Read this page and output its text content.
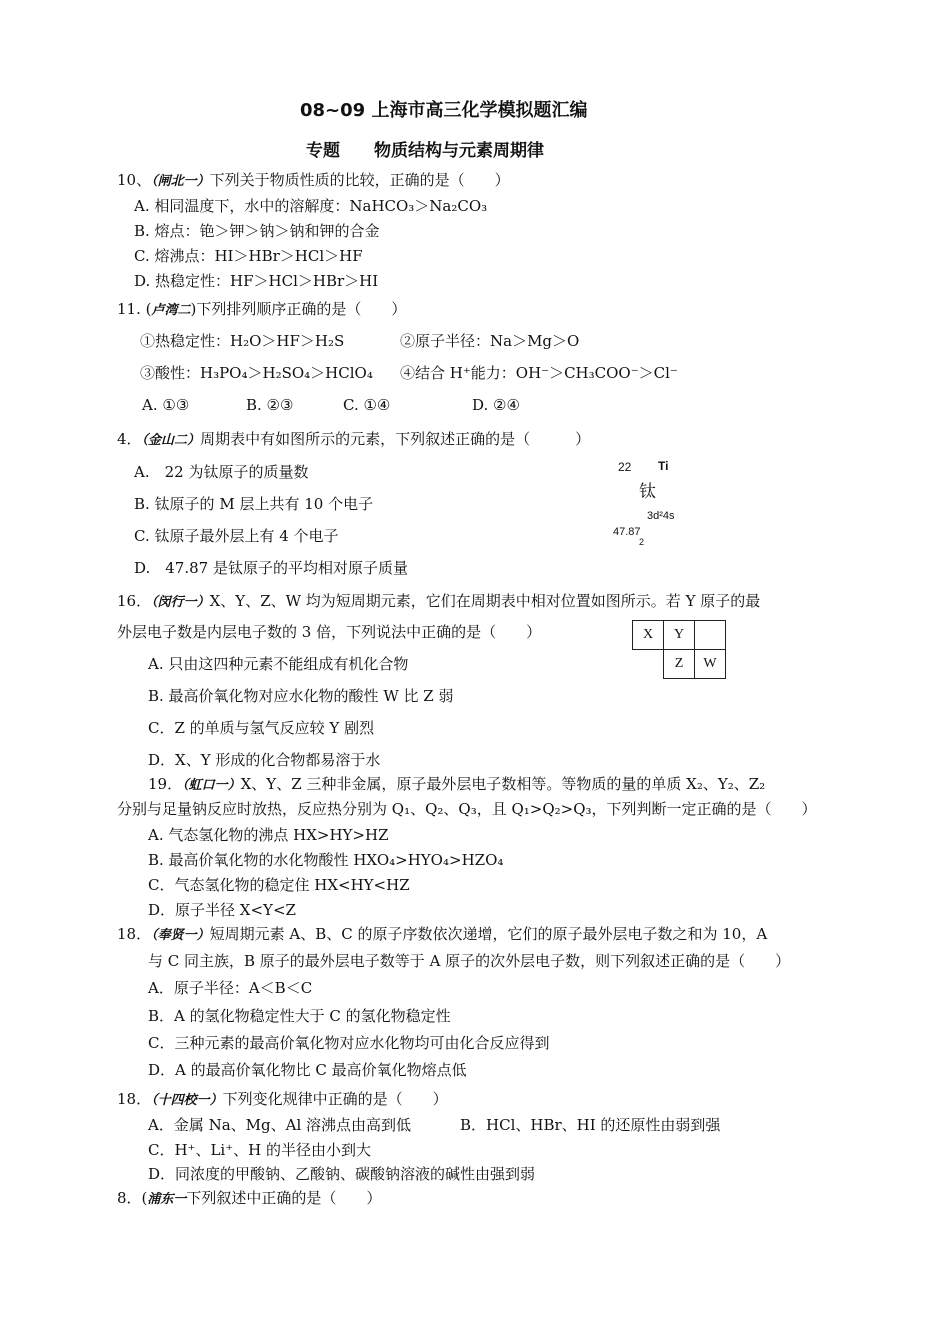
08~09 上海市高三化学模拟题汇编
专题　　物质结构与元素周期律
10、（闸北一）下列关于物质性质的比较，正确的是（　　）
A. 相同温度下，水中的溶解度：NaHCO₃＞Na₂CO₃
B. 熔点：铯＞钾＞钠＞钠和钾的合金
C. 熔沸点：HI＞HBr＞HCl＞HF
D. 热稳定性：HF＞HCl＞HBr＞HI
11. (卢湾二)下列排列顺序正确的是（　　）
①热稳定性：H₂O＞HF＞H₂S	②原子半径：Na＞Mg＞O
③酸性：H₃PO₄＞H₂SO₄＞HClO₄ ④结合 H⁺能力：OH⁻＞CH₃COO⁻＞Cl⁻
A. ①③	B. ②③	C. ①④	D. ②④
4．（金山二）周期表中有如图所示的元素，下列叙述正确的是（　　　）
A.　22 为钛原子的质量数
B. 钛原子的 M 层上共有 10 个电子
C. 钛原子最外层上有 4 个电子
D.　47.87 是钛原子的平均相对原子质量
22 Ti
钛
3d²4s
47.87
2
16．（闵行一）X、Y、Z、W 均为短周期元素，它们在周期表中相对位置如图所示。若 Y 原子的最
外层电子数是内层电子数的 3 倍，下列说法中正确的是（　　）	X	Y	
	Z	W
A. 只由这四种元素不能组成有机化合物
B. 最高价氧化物对应水化物的酸性 W 比 Z 弱
C．Z 的单质与氢气反应较 Y 剧烈
D．X、Y 形成的化合物都易溶于水
19．（虹口一）X、Y、Z 三种非金属，原子最外层电子数相等。等物质的量的单质 X₂、Y₂、Z₂
分别与足量钠反应时放热，反应热分别为 Q₁、Q₂、Q₃，且 Q₁>Q₂>Q₃，下列判断一定正确的是（　　）
A. 气态氢化物的沸点 HX>HY>HZ
B. 最高价氧化物的水化物酸性 HXO₄>HYO₄>HZO₄
C．气态氢化物的稳定住 HX<HY<HZ
D．原子半径 X<Y<Z
18．（奉贤一）短周期元素 A、B、C 的原子序数依次递增，它们的原子最外层电子数之和为 10，A
与 C 同主族，B 原子的最外层电子数等于 A 原子的次外层电子数，则下列叙述正确的是（　　）
A．原子半径：A＜B＜C
B．A 的氢化物稳定性大于 C 的氢化物稳定性
C．三种元素的最高价氧化物对应水化物均可由化合反应得到
D．A 的最高价氧化物比 C 最高价氧化物熔点低
18．（十四校一）下列变化规律中正确的是（　　）
A．金属 Na、Mg、Al 溶沸点由高到低	B．HCl、HBr、HI 的还原性由弱到强
C．H⁺、Li⁺、H 的半径由小到大
D．同浓度的甲酸钠、乙酸钠、碳酸钠溶液的碱性由强到弱
8．(浦东一下列叙述中正确的是（　　）
